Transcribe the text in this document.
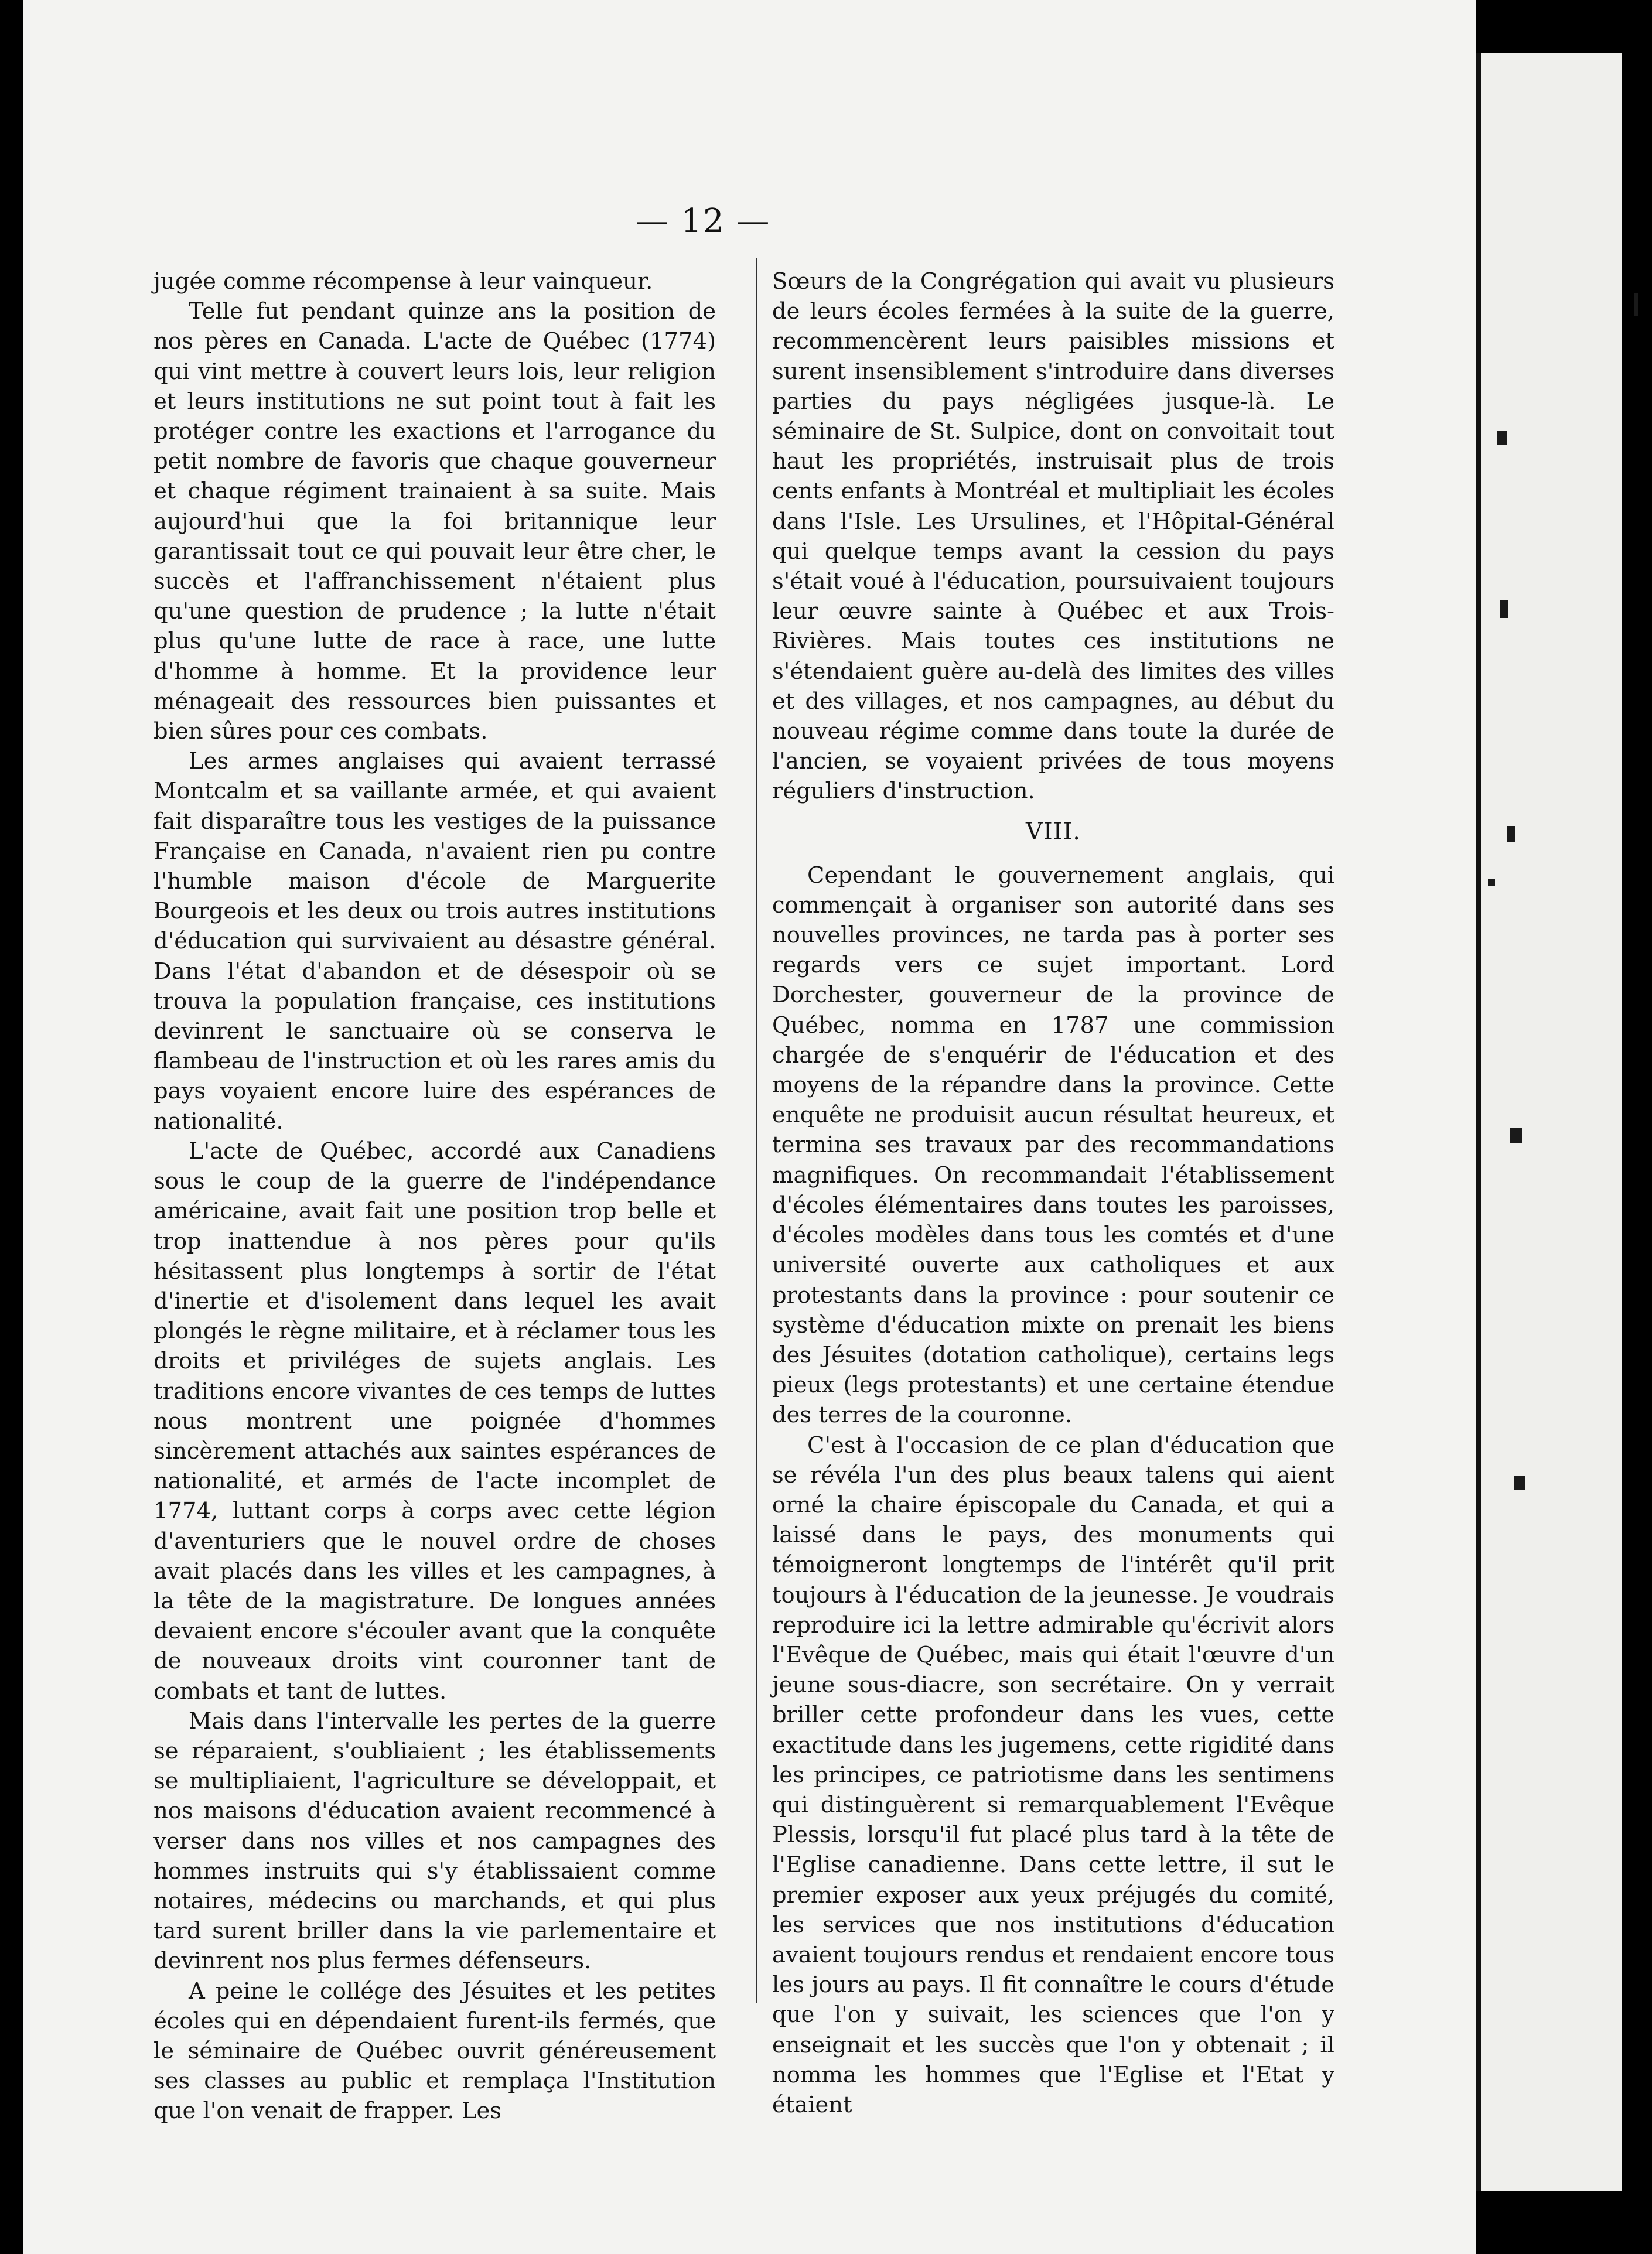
— 12 —

jugée comme récompense à leur vainqueur.

Telle fut pendant quinze ans la position de nos pères en Canada. L'acte de Québec (1774) qui vint mettre à couvert leurs lois, leur religion et leurs institutions ne sut point tout à fait les protéger contre les exactions et l'arrogance du petit nombre de favoris que chaque gouverneur et chaque régiment trainaient à sa suite. Mais aujourd'hui que la foi britannique leur garantissait tout ce qui pouvait leur être cher, le succès et l'affranchissement n'étaient plus qu'une question de prudence ; la lutte n'était plus qu'une lutte de race à race, une lutte d'homme à homme. Et la providence leur ménageait des ressources bien puissantes et bien sûres pour ces combats.

Les armes anglaises qui avaient terrassé Montcalm et sa vaillante armée, et qui avaient fait disparaître tous les vestiges de la puissance Française en Canada, n'avaient rien pu contre l'humble maison d'école de Marguerite Bourgeois et les deux ou trois autres institutions d'éducation qui survivaient au désastre général. Dans l'état d'abandon et de désespoir où se trouva la population française, ces institutions devinrent le sanctuaire où se conserva le flambeau de l'instruction et où les rares amis du pays voyaient encore luire des espérances de nationalité.

L'acte de Québec, accordé aux Canadiens sous le coup de la guerre de l'indépendance américaine, avait fait une position trop belle et trop inattendue à nos pères pour qu'ils hésitassent plus longtemps à sortir de l'état d'inertie et d'isolement dans lequel les avait plongés le règne militaire, et à réclamer tous les droits et priviléges de sujets anglais. Les traditions encore vivantes de ces temps de luttes nous montrent une poignée d'hommes sincèrement attachés aux saintes espérances de nationalité, et armés de l'acte incomplet de 1774, luttant corps à corps avec cette légion d'aventuriers que le nouvel ordre de choses avait placés dans les villes et les campagnes, à la tête de la magistrature. De longues années devaient encore s'écouler avant que la conquête de nouveaux droits vint couronner tant de combats et tant de luttes.

Mais dans l'intervalle les pertes de la guerre se réparaient, s'oubliaient ; les établissements se multipliaient, l'agriculture se développait, et nos maisons d'éducation avaient recommencé à verser dans nos villes et nos campagnes des hommes instruits qui s'y établissaient comme notaires, médecins ou marchands, et qui plus tard surent briller dans la vie parlementaire et devinrent nos plus fermes défenseurs.

A peine le collége des Jésuites et les petites écoles qui en dépendaient furent-ils fermés, que le séminaire de Québec ouvrit généreusement ses classes au public et remplaça l'Institution que l'on venait de frapper. Les

Sœurs de la Congrégation qui avait vu plusieurs de leurs écoles fermées à la suite de la guerre, recommencèrent leurs paisibles missions et surent insensiblement s'introduire dans diverses parties du pays négligées jusque-là. Le séminaire de St. Sulpice, dont on convoitait tout haut les propriétés, instruisait plus de trois cents enfants à Montréal et multipliait les écoles dans l'Isle. Les Ursulines, et l'Hôpital-Général qui quelque temps avant la cession du pays s'était voué à l'éducation, poursuivaient toujours leur œuvre sainte à Québec et aux Trois-Rivières. Mais toutes ces institutions ne s'étendaient guère au-delà des limites des villes et des villages, et nos campagnes, au début du nouveau régime comme dans toute la durée de l'ancien, se voyaient privées de tous moyens réguliers d'instruction.

VIII.

Cependant le gouvernement anglais, qui commençait à organiser son autorité dans ses nouvelles provinces, ne tarda pas à porter ses regards vers ce sujet important. Lord Dorchester, gouverneur de la province de Québec, nomma en 1787 une commission chargée de s'enquérir de l'éducation et des moyens de la répandre dans la province. Cette enquête ne produisit aucun résultat heureux, et termina ses travaux par des recommandations magnifiques. On recommandait l'établissement d'écoles élémentaires dans toutes les paroisses, d'écoles modèles dans tous les comtés et d'une université ouverte aux catholiques et aux protestants dans la province : pour soutenir ce système d'éducation mixte on prenait les biens des Jésuites (dotation catholique), certains legs pieux (legs protestants) et une certaine étendue des terres de la couronne.

C'est à l'occasion de ce plan d'éducation que se révéla l'un des plus beaux talens qui aient orné la chaire épiscopale du Canada, et qui a laissé dans le pays, des monuments qui témoigneront longtemps de l'intérêt qu'il prit toujours à l'éducation de la jeunesse. Je voudrais reproduire ici la lettre admirable qu'écrivit alors l'Evêque de Québec, mais qui était l'œuvre d'un jeune sous-diacre, son secrétaire. On y verrait briller cette profondeur dans les vues, cette exactitude dans les jugemens, cette rigidité dans les principes, ce patriotisme dans les sentimens qui distinguèrent si remarquablement l'Evêque Plessis, lorsqu'il fut placé plus tard à la tête de l'Eglise canadienne. Dans cette lettre, il sut le premier exposer aux yeux préjugés du comité, les services que nos institutions d'éducation avaient toujours rendus et rendaient encore tous les jours au pays. Il fit connaître le cours d'étude que l'on y suivait, les sciences que l'on y enseignait et les succès que l'on y obtenait ; il nomma les hommes que l'Eglise et l'Etat y étaient
